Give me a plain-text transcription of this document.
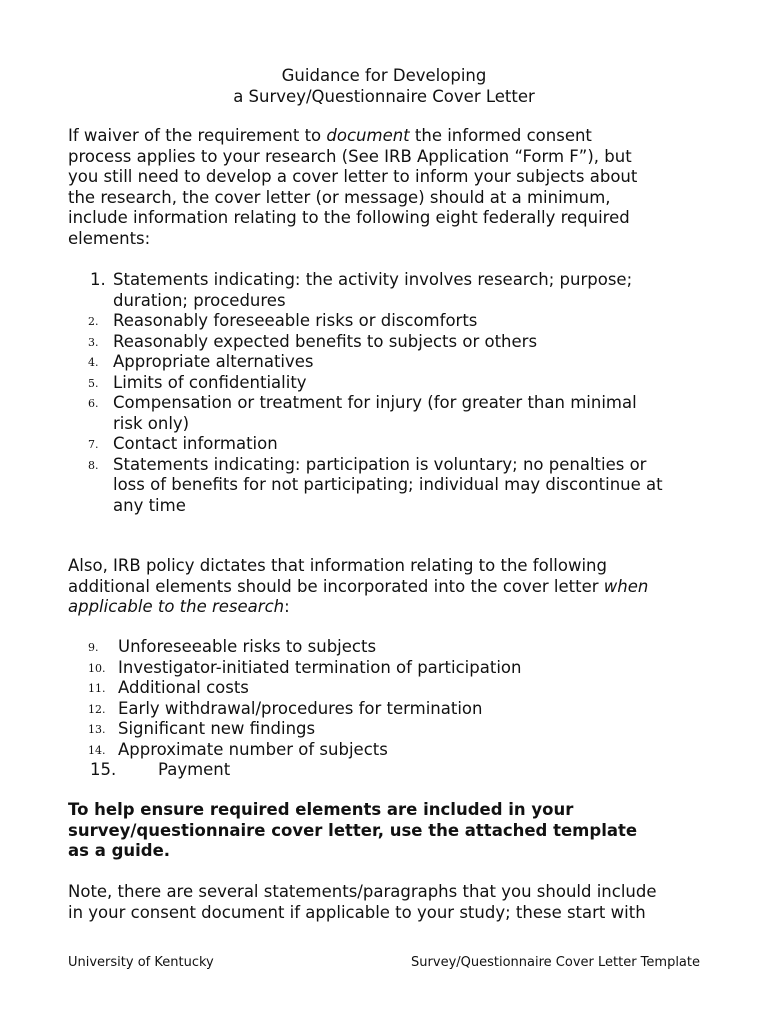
Guidance for Developing
a Survey/Questionnaire Cover Letter
If waiver of the requirement to document the informed consent
process applies to your research (See IRB Application “Form F”), but
you still need to develop a cover letter to inform your subjects about
the research, the cover letter (or message) should at a minimum,
include information relating to the following eight federally required
elements:
1. Statements indicating: the activity involves research; purpose;
duration; procedures
2. Reasonably foreseeable risks or discomforts
3. Reasonably expected benefits to subjects or others
4. Appropriate alternatives
5. Limits of confidentiality
6. Compensation or treatment for injury (for greater than minimal
risk only)
7. Contact information
8. Statements indicating: participation is voluntary; no penalties or
loss of benefits for not participating; individual may discontinue at
any time
Also, IRB policy dictates that information relating to the following
additional elements should be incorporated into the cover letter when
applicable to the research:
9. Unforeseeable risks to subjects
10. Investigator-initiated termination of participation
11. Additional costs
12. Early withdrawal/procedures for termination
13. Significant new findings
14. Approximate number of subjects
15.	Payment
To help ensure required elements are included in your
survey/questionnaire cover letter, use the attached template
as a guide.
Note, there are several statements/paragraphs that you should include
in your consent document if applicable to your study; these start with
University of Kentucky	Survey/Questionnaire Cover Letter Template
